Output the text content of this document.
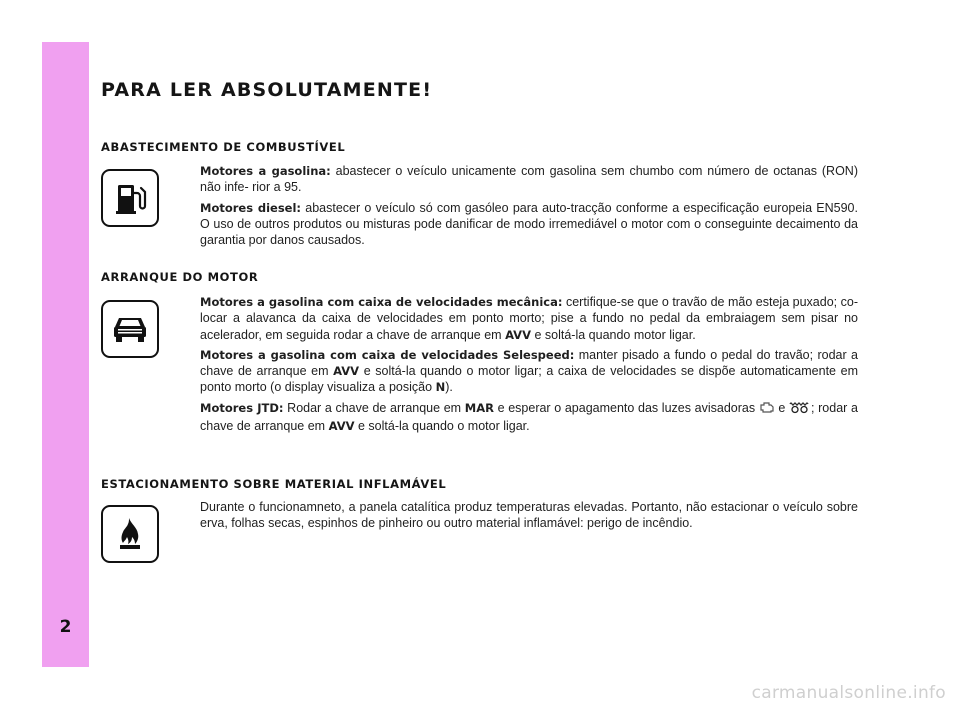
2
PARA LER ABSOLUTAMENTE!
ABASTECIMENTO DE COMBUSTÍVEL

Motores a gasolina: abastecer o veículo unicamente com gasolina sem chumbo com número de octanas (RON) não infe- rior a 95.

Motores diesel: abastecer o veículo só com gasóleo para auto-tracção conforme a especificação europeia EN590. O uso de outros produtos ou misturas pode danificar de modo irremediável o motor com o conseguinte decaimento da garantia por danos causados.

ARRANQUE DO MOTOR

Motores a gasolina com caixa de velocidades mecânica: certifique-se que o travão de mão esteja puxado; co- locar a alavanca da caixa de velocidades em ponto morto; pise a fundo no pedal da embraiagem sem pisar no acelerador, em seguida rodar a chave de arranque em AVV e soltá-la quando motor ligar.

Motores a gasolina com caixa de velocidades Selespeed: manter pisado a fundo o pedal do travão; rodar a chave de arranque em AVV e soltá-la quando o motor ligar; a caixa de velocidades se dispõe automaticamente em ponto morto (o display visualiza a posição N).

Motores JTD: Rodar a chave de arranque em MAR e esperar o apagamento das luzes avisadoras e ; rodar a chave de arranque em AVV e soltá-la quando o motor ligar.

ESTACIONAMENTO SOBRE MATERIAL INFLAMÁVEL

Durante o funcionamneto, a panela catalítica produz temperaturas elevadas. Portanto, não estacionar o veículo sobre erva, folhas secas, espinhos de pinheiro ou outro material inflamável: perigo de incêndio.

carmanualsonline.info
